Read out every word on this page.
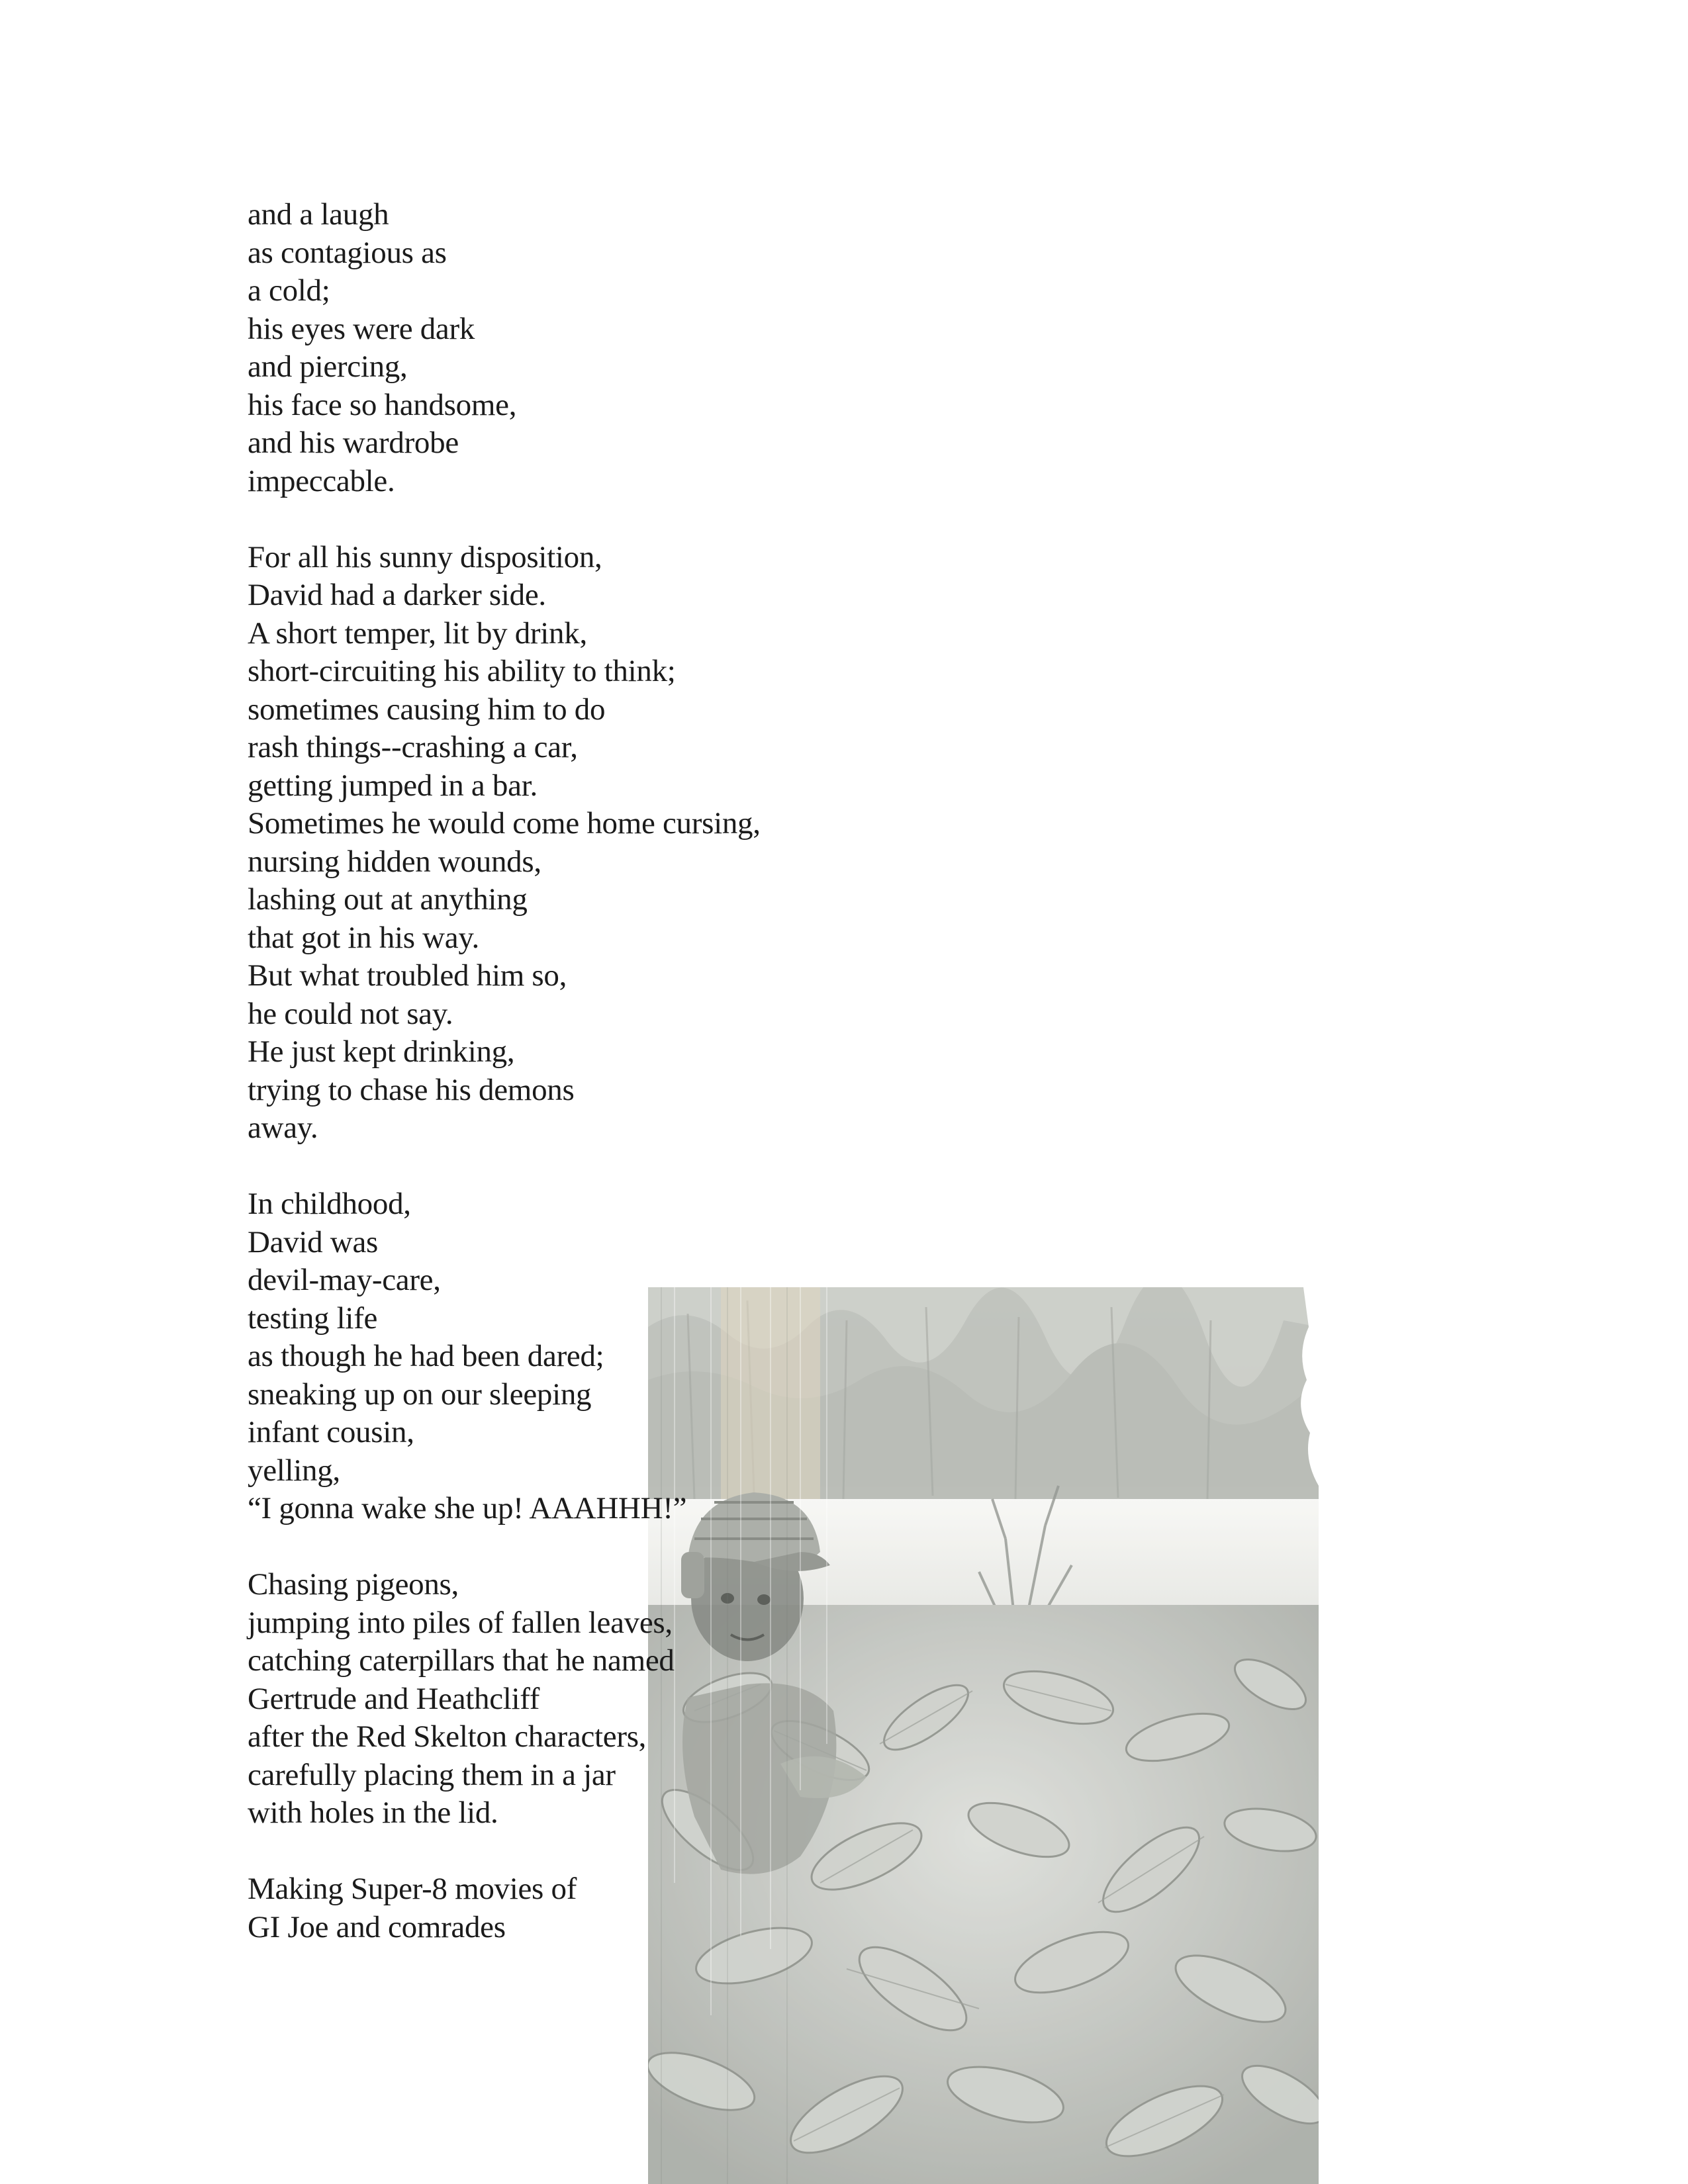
and a laugh
as contagious as
a cold;
his eyes were dark
and piercing,
his face so handsome,
and his wardrobe
impeccable.
For all his sunny disposition,
David had a darker side.
A short temper, lit by drink,
short-circuiting his ability to think;
sometimes causing him to do
rash things--crashing a car,
getting jumped in a bar.
Sometimes he would come home cursing,
nursing hidden wounds,
lashing out at anything
that got in his way.
But what troubled him so,
he could not say.
He just kept drinking,
trying to chase his demons
away.
In childhood,
David was
devil-may-care,
testing life
as though he had been dared;
sneaking up on our sleeping
infant cousin,
yelling,
“I gonna wake she up! AAAHHH!”
Chasing pigeons,
jumping into piles of fallen leaves,
catching caterpillars that he named
Gertrude and Heathcliff
after the Red Skelton characters,
carefully placing them in a jar
with holes in the lid.
Making Super-8 movies of
GI Joe and comrades
